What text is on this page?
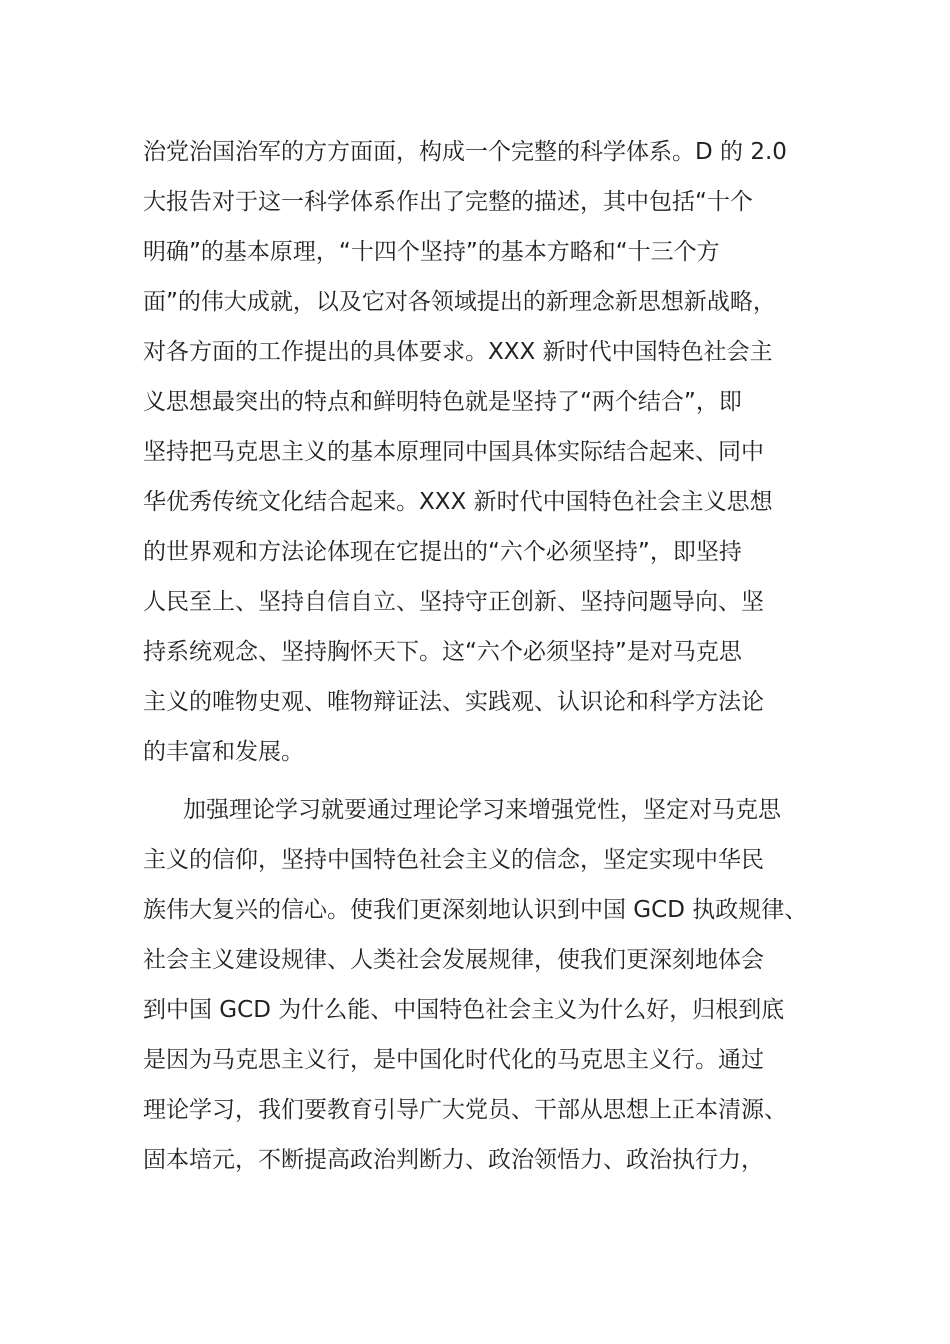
治党治国治军的方方面面，构成一个完整的科学体系。D 的 2.0
大报告对于这一科学体系作出了完整的描述，其中包括“十个
明确”的基本原理，“十四个坚持”的基本方略和“十三个方
面”的伟大成就，以及它对各领域提出的新理念新思想新战略，
对各方面的工作提出的具体要求。XXX 新时代中国特色社会主
义思想最突出的特点和鲜明特色就是坚持了“两个结合”，即
坚持把马克思主义的基本原理同中国具体实际结合起来、同中
华优秀传统文化结合起来。XXX 新时代中国特色社会主义思想
的世界观和方法论体现在它提出的“六个必须坚持”，即坚持
人民至上、坚持自信自立、坚持守正创新、坚持问题导向、坚
持系统观念、坚持胸怀天下。这“六个必须坚持”是对马克思
主义的唯物史观、唯物辩证法、实践观、认识论和科学方法论
的丰富和发展。
加强理论学习就要通过理论学习来增强党性，坚定对马克思
主义的信仰，坚持中国特色社会主义的信念，坚定实现中华民
族伟大复兴的信心。使我们更深刻地认识到中国 GCD 执政规律、
社会主义建设规律、人类社会发展规律，使我们更深刻地体会
到中国 GCD 为什么能、中国特色社会主义为什么好，归根到底
是因为马克思主义行，是中国化时代化的马克思主义行。通过
理论学习，我们要教育引导广大党员、干部从思想上正本清源、
固本培元，不断提高政治判断力、政治领悟力、政治执行力，
